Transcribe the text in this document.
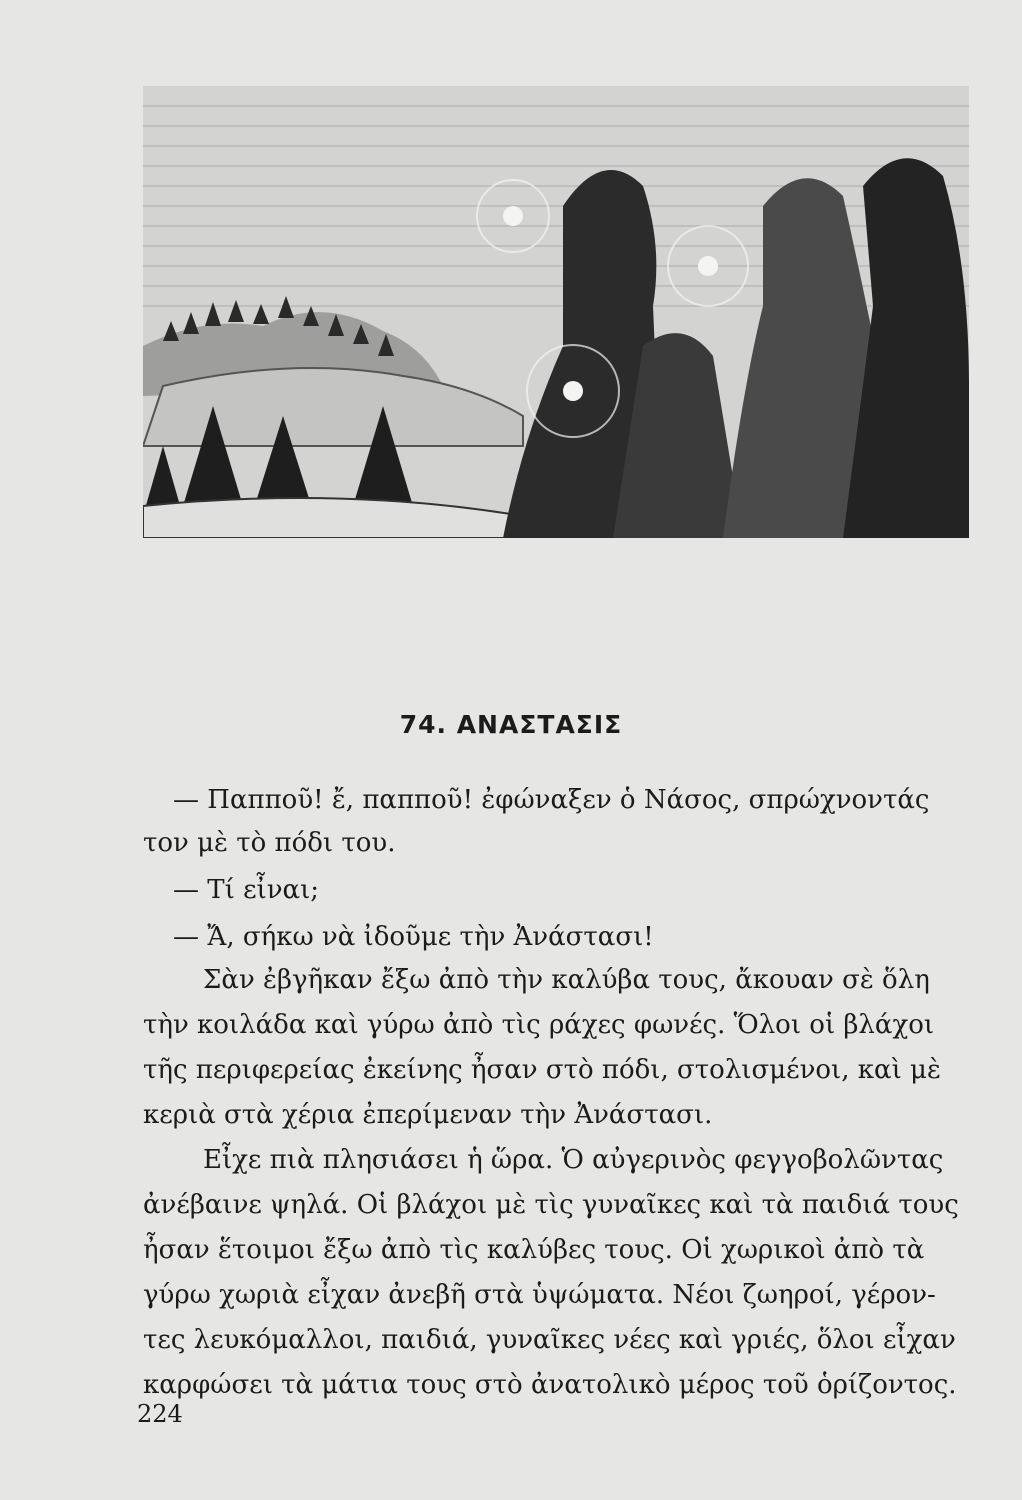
74. ΑΝΑΣΤΑΣΙΣ
— Παπποῦ! ἔ, παπποῦ! ἐφώναξεν ὁ Νάσος, σπρώχνοντάς
τον μὲ τὸ πόδι του.
— Τί εἶναι;
— Ἄ, σήκω νὰ ἰδοῦμε τὴν Ἀνάστασι!
Σὰν ἐβγῆκαν ἔξω ἀπὸ τὴν καλύβα τους, ἄκουαν σὲ ὅλη
τὴν κοιλάδα καὶ γύρω ἀπὸ τὶς ράχες φωνές. Ὅλοι οἱ βλάχοι
τῆς περιφερείας ἐκείνης ἦσαν στὸ πόδι, στολισμένοι, καὶ μὲ
κεριὰ στὰ χέρια ἐπερίμεναν τὴν Ἀνάστασι.
Εἶχε πιὰ πλησιάσει ἡ ὥρα. Ὁ αὐγερινὸς φεγγοβολῶντας
ἀνέβαινε ψηλά. Οἱ βλάχοι μὲ τὶς γυναῖκες καὶ τὰ παιδιά τους
ἦσαν ἕτοιμοι ἔξω ἀπὸ τὶς καλύβες τους. Οἱ χωρικοὶ ἀπὸ τὰ
γύρω χωριὰ εἶχαν ἀνεβῆ στὰ ὑψώματα. Νέοι ζωηροί, γέρον-
τες λευκόμαλλοι, παιδιά, γυναῖκες νέες καὶ γριές, ὅλοι εἶχαν
καρφώσει τὰ μάτια τους στὸ ἀνατολικὸ μέρος τοῦ ὁρίζοντος.
224
